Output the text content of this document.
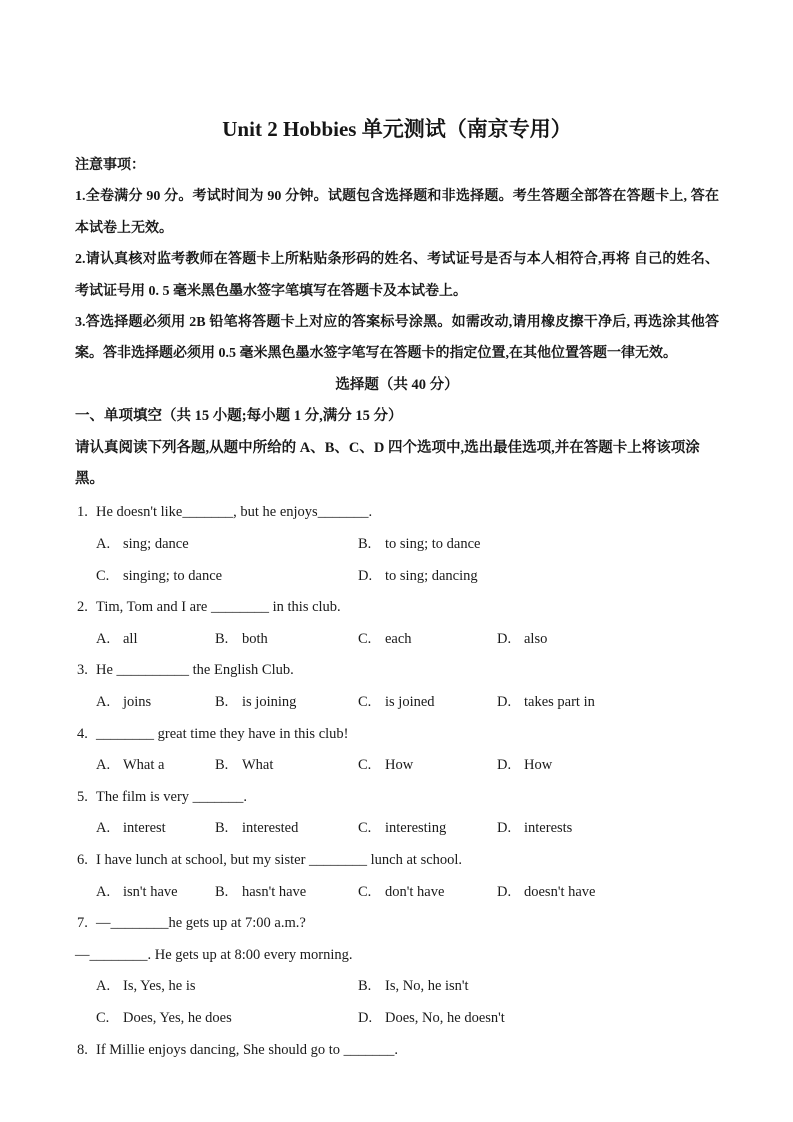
Unit 2 Hobbies 单元测试（南京专用）
注意事项：
1.全卷满分 90 分。考试时间为 90 分钟。试题包含选择题和非选择题。考生答题全部答在答题卡上, 答在本试卷上无效。
2.请认真核对监考教师在答题卡上所粘贴条形码的姓名、考试证号是否与本人相符合,再将 自己的姓名、考试证号用 0. 5 毫米黑色墨水签字笔填写在答题卡及本试卷上。
3.答选择题必须用 2B 铅笔将答题卡上对应的答案标号涂黑。如需改动,请用橡皮擦干净后, 再选涂其他答案。答非选择题必须用 0.5 毫米黑色墨水签字笔写在答题卡的指定位置,在其他位置答题一律无效。
选择题（共 40 分）
一、单项填空（共 15 小题;每小题 1 分,满分 15 分）
请认真阅读下列各题,从题中所给的 A、B、C、D 四个选项中,选出最佳选项,并在答题卡上将该项涂黑。
1. He doesn't like_______, but he enjoys_______.
A. sing; dance	B. to sing; to dance
C. singing; to dance	D. to sing; dancing
2. Tim, Tom and I are ________ in this club.
A. all	B. both	C. each	D. also
3. He __________ the English Club.
A. joins	B. is joining	C. is joined	D. takes part in
4. ________ great time they have in this club!
A. What a	B. What	C. How	D. How
5. The film is very _______.
A. interest	B. interested	C. interesting	D. interests
6. I have lunch at school, but my sister ________ lunch at school.
A. isn't have	B. hasn't have	C. don't have	D. doesn't have
7. —________he gets up at 7:00 a.m.?
—________. He gets up at 8:00 every morning.
A. Is, Yes, he is	B. Is, No, he isn't
C. Does, Yes, he does	D. Does, No, he doesn't
8. If Millie enjoys dancing, She should go to _______.
